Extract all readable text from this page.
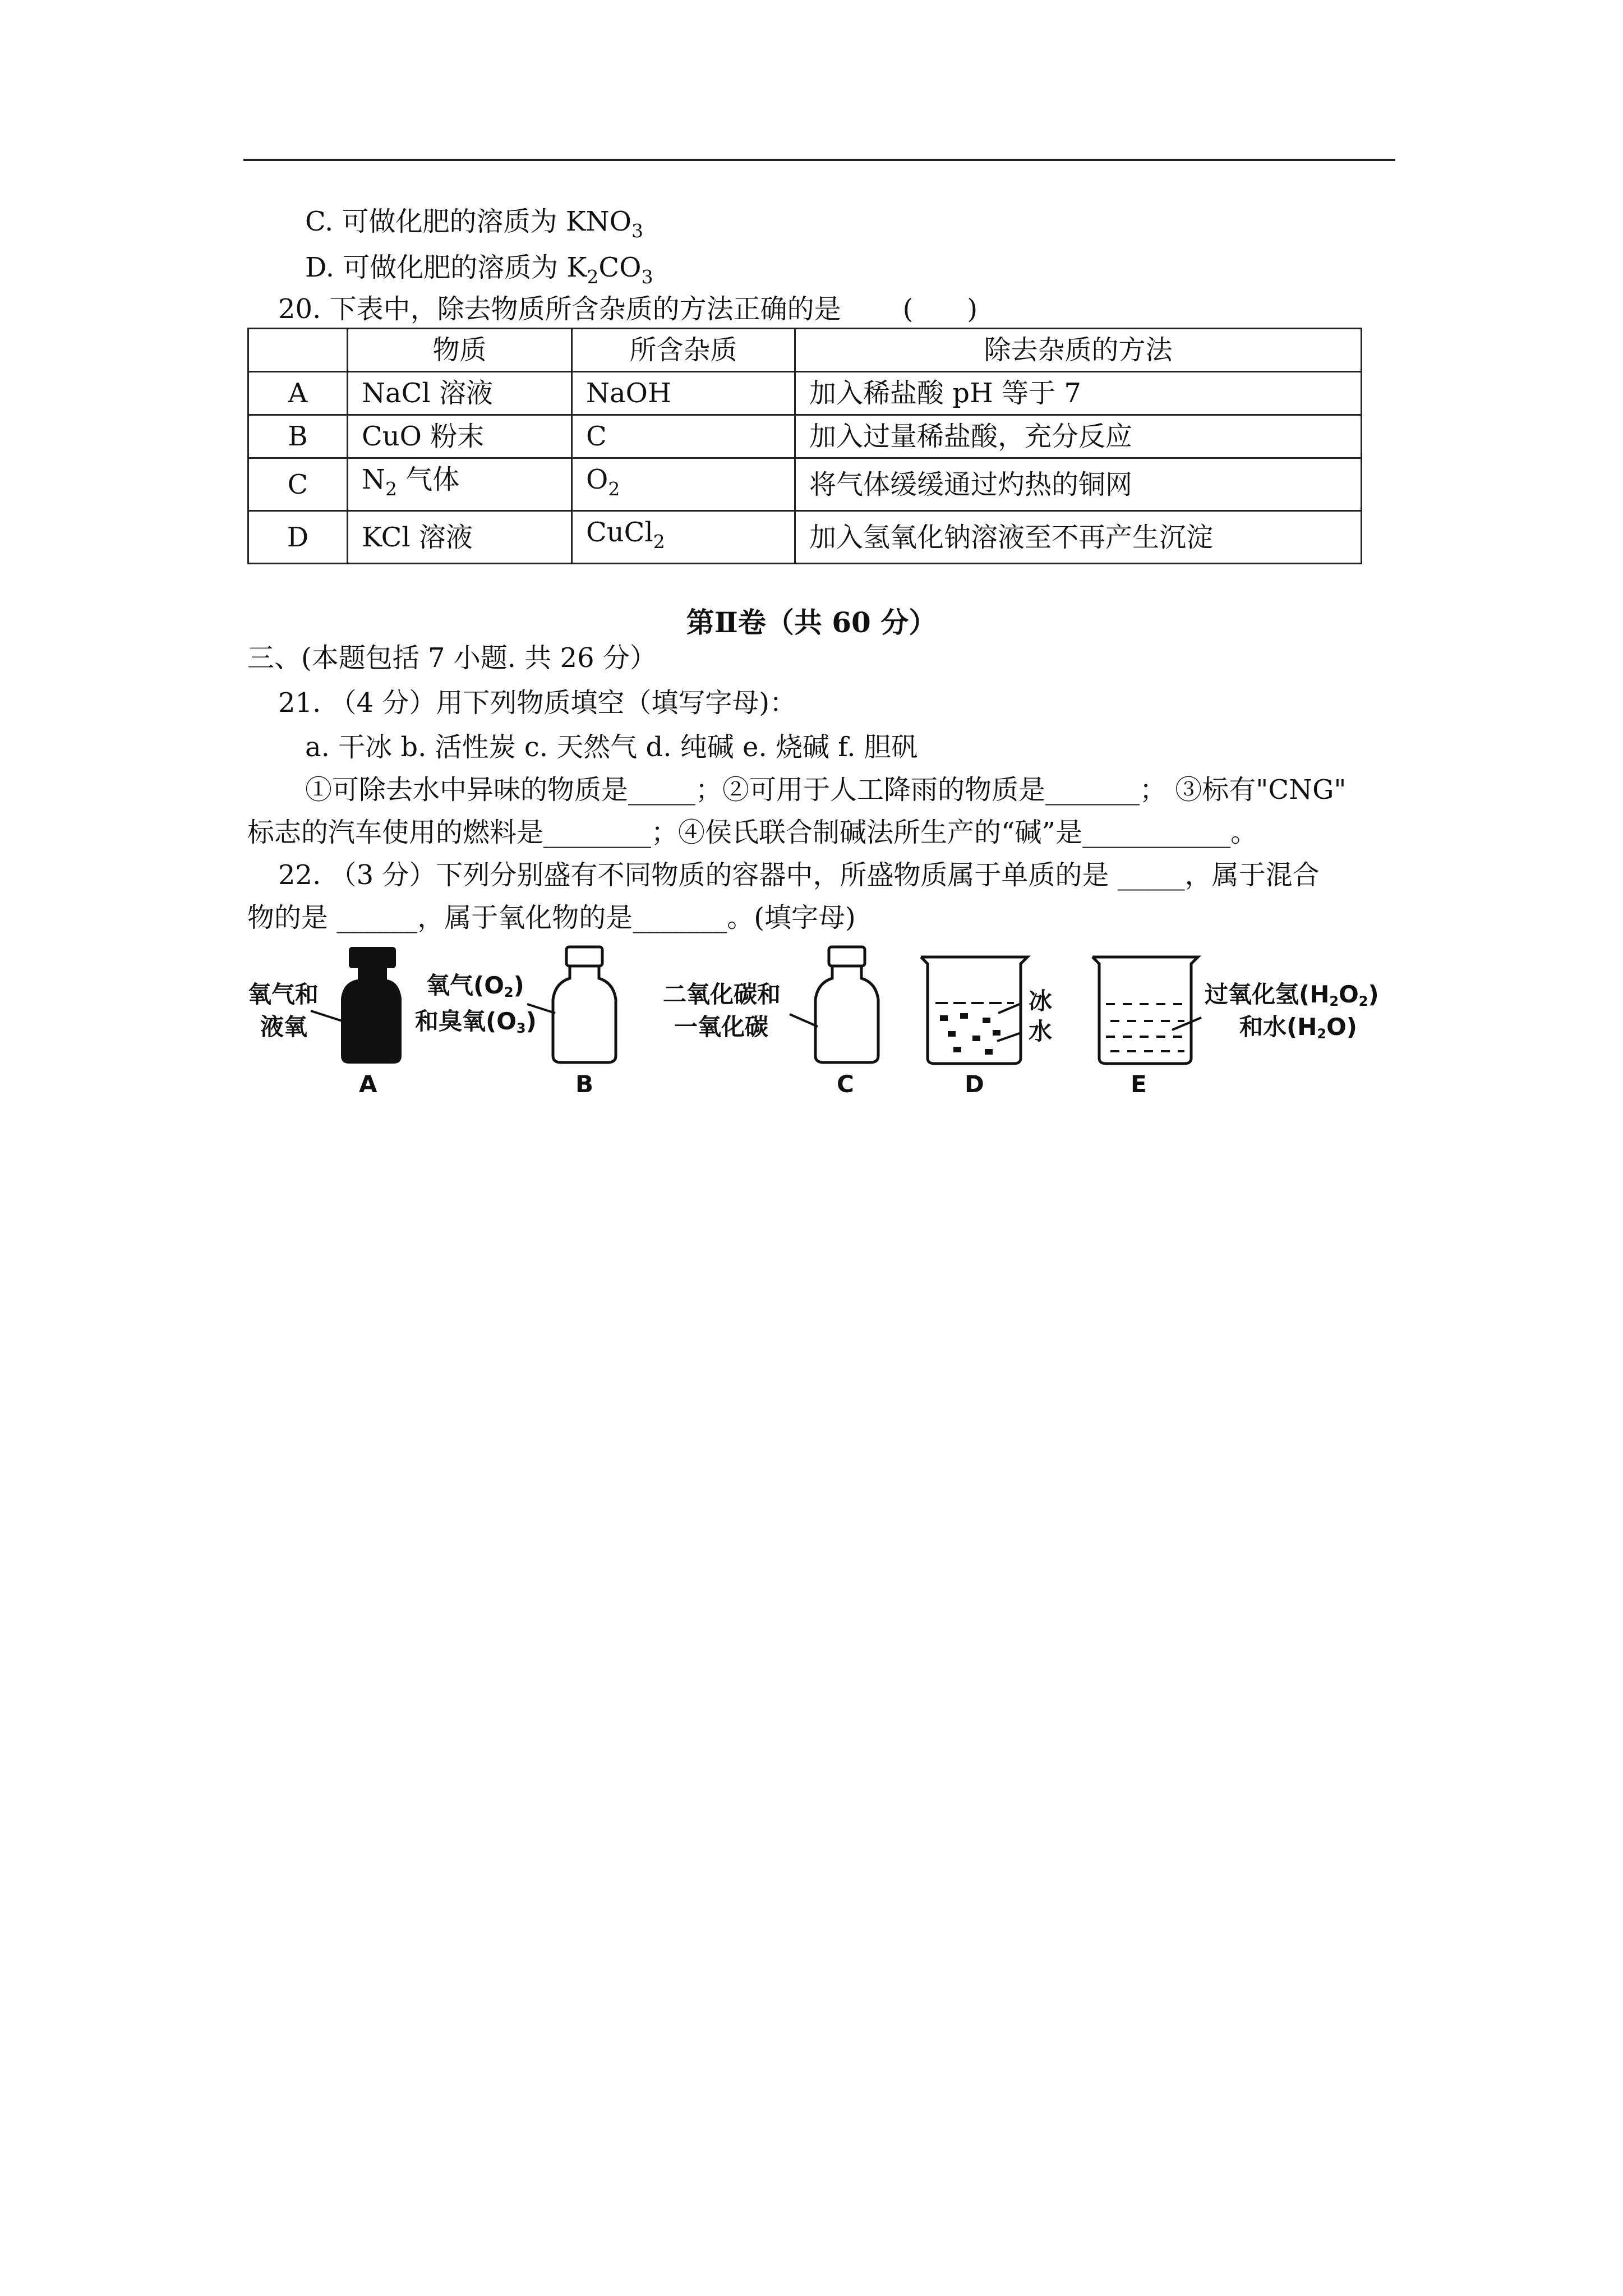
C. 可做化肥的溶质为 $KNO_3$
D. 可做化肥的溶质为 $K_2CO_3$
20. 下表中，除去物质所含杂质的方法正确的是 (　　)
	物质	所含杂质	除去杂质的方法
A	NaCl 溶液	NaOH	加入稀盐酸 pH 等于 7
B	CuO 粉末	C	加入过量稀盐酸，充分反应
C	$N_2$ 气体	$O_2$	将气体缓缓通过灼热的铜网
D	KCl 溶液	CuCl$_2$	加入氢氧化钠溶液至不再产生沉淀
第Ⅱ卷（共 60 分）
三、(本题包括 7 小题. 共 26 分）
21. （4 分）用下列物质填空（填写字母)：
a. 干冰 b. 活性炭 c. 天然气 d. 纯碱 e. 烧碱 f. 胆矾
①可除去水中异味的物质是_____；②可用于人工降雨的物质是_______； ③标有"CNG"
标志的汽车使用的燃料是________；④侯氏联合制碱法所生产的“碱”是___________。
22. （3 分）下列分别盛有不同物质的容器中，所盛物质属于单质的是 _____，属于混合
物的是 ______，属于氧化物的是_______。(填字母)
氧气和
液氧
A
氧气(O2)
和臭氧(O3)
B
二氧化碳和
一氧化碳
C
冰
水
D
过氧化氢(H2O2)
和水(H2O)
E
